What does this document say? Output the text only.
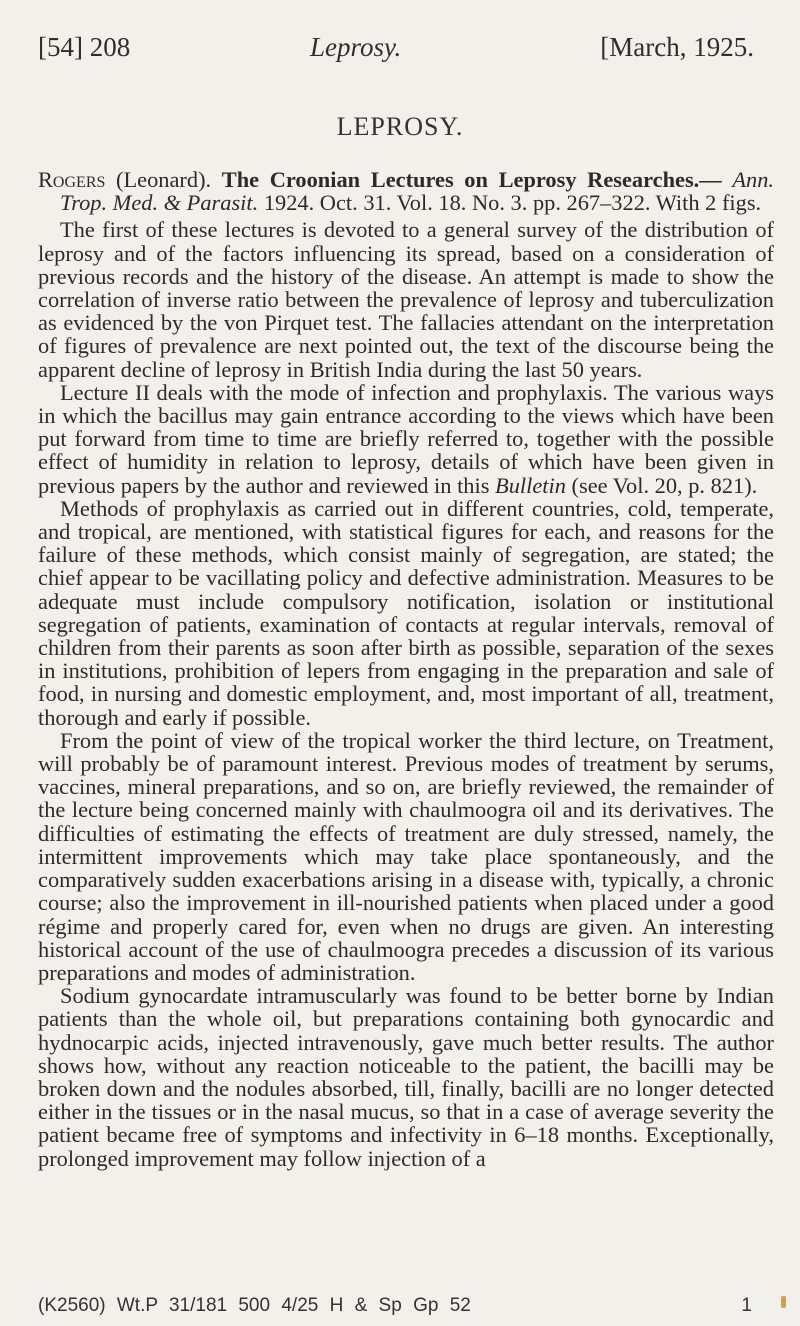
[54] 208	Leprosy.	[March, 1925.
LEPROSY.

Rogers (Leonard). The Croonian Lectures on Leprosy Researches.— Ann. Trop. Med. & Parasit. 1924. Oct. 31. Vol. 18. No. 3. pp. 267–322. With 2 figs.

The first of these lectures is devoted to a general survey of the distribution of leprosy and of the factors influencing its spread, based on a consideration of previous records and the history of the disease. An attempt is made to show the correlation of inverse ratio between the prevalence of leprosy and tuberculization as evidenced by the von Pirquet test. The fallacies attendant on the interpretation of figures of prevalence are next pointed out, the text of the discourse being the apparent decline of leprosy in British India during the last 50 years.

Lecture II deals with the mode of infection and prophylaxis. The various ways in which the bacillus may gain entrance according to the views which have been put forward from time to time are briefly referred to, together with the possible effect of humidity in relation to leprosy, details of which have been given in previous papers by the author and reviewed in this Bulletin (see Vol. 20, p. 821).

Methods of prophylaxis as carried out in different countries, cold, temperate, and tropical, are mentioned, with statistical figures for each, and reasons for the failure of these methods, which consist mainly of segregation, are stated; the chief appear to be vacillating policy and defective administration. Measures to be adequate must include compulsory notification, isolation or institutional segregation of patients, examination of contacts at regular intervals, removal of children from their parents as soon after birth as possible, separation of the sexes in institutions, prohibition of lepers from engaging in the preparation and sale of food, in nursing and domestic employment, and, most important of all, treatment, thorough and early if possible.

From the point of view of the tropical worker the third lecture, on Treatment, will probably be of paramount interest. Previous modes of treatment by serums, vaccines, mineral preparations, and so on, are briefly reviewed, the remainder of the lecture being concerned mainly with chaulmoogra oil and its derivatives. The difficulties of estimating the effects of treatment are duly stressed, namely, the intermittent improvements which may take place spontaneously, and the comparatively sudden exacerbations arising in a disease with, typically, a chronic course; also the improvement in ill-nourished patients when placed under a good régime and properly cared for, even when no drugs are given. An interesting historical account of the use of chaulmoogra precedes a discussion of its various preparations and modes of administration.

Sodium gynocardate intramuscularly was found to be better borne by Indian patients than the whole oil, but preparations containing both gynocardic and hydnocarpic acids, injected intravenously, gave much better results. The author shows how, without any reaction noticeable to the patient, the bacilli may be broken down and the nodules absorbed, till, finally, bacilli are no longer detected either in the tissues or in the nasal mucus, so that in a case of average severity the patient became free of symptoms and infectivity in 6–18 months. Exceptionally, prolonged improvement may follow injection of a

(K2560) Wt.P 31/181 500 4/25 H & Sp Gp 52	1
